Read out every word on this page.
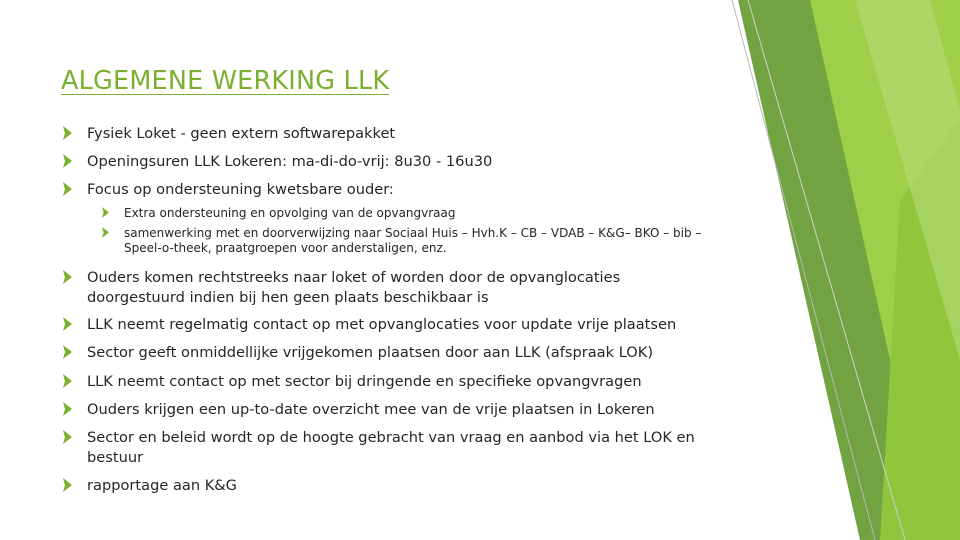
ALGEMENE WERKING LLK
Fysiek Loket - geen extern softwarepakket
Openingsuren LLK Lokeren: ma-di-do-vrij: 8u30 - 16u30
Focus op ondersteuning kwetsbare ouder:
Extra ondersteuning en opvolging van de opvangvraag
samenwerking met en doorverwijzing naar Sociaal Huis – Hvh.K – CB – VDAB – K&G– BKO – bib – Speel-o-theek, praatgroepen voor anderstaligen, enz.
Ouders komen rechtstreeks naar loket of worden door de opvanglocaties doorgestuurd indien bij hen geen plaats beschikbaar is
LLK neemt regelmatig contact op met opvanglocaties voor update vrije plaatsen
Sector geeft onmiddellijke vrijgekomen plaatsen door aan LLK (afspraak LOK)
LLK neemt contact op met sector bij dringende en specifieke opvangvragen
Ouders krijgen een up-to-date overzicht mee van de vrije plaatsen in Lokeren
Sector en beleid wordt op de hoogte gebracht van vraag en aanbod via het LOK en bestuur
rapportage aan K&G
